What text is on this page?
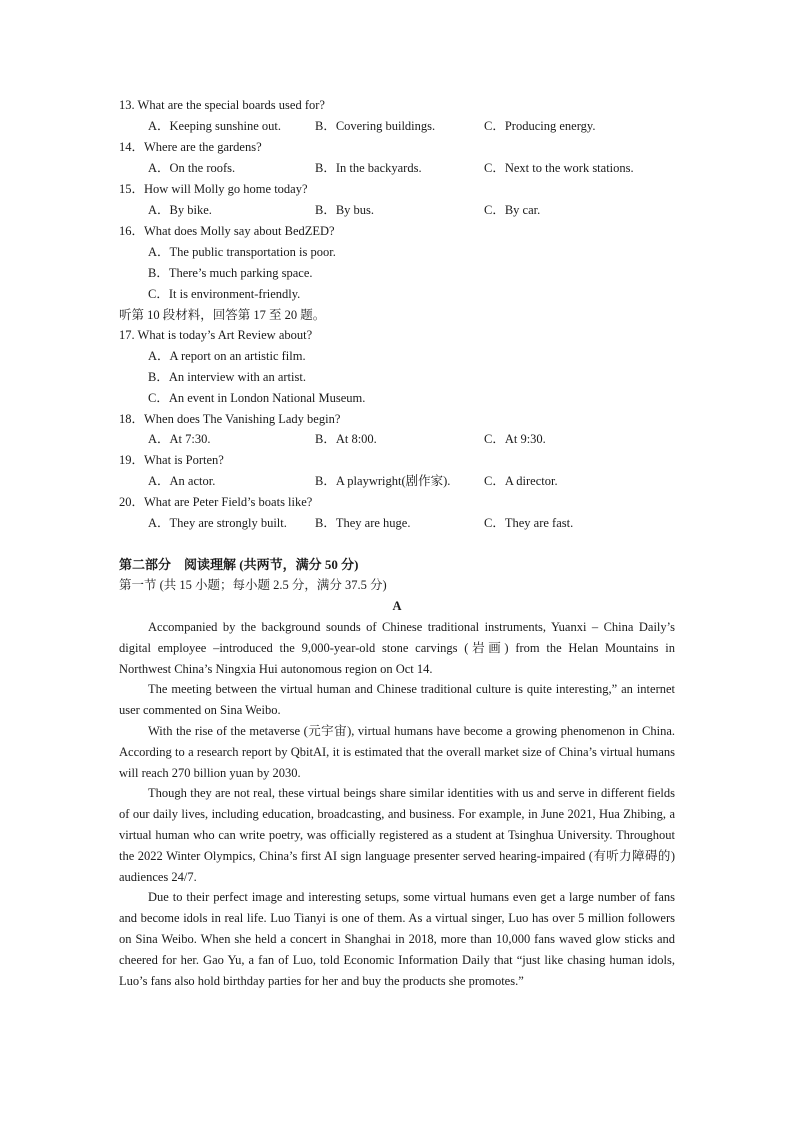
13. What are the special boards used for?
A．Keeping sunshine out.	B．Covering buildings.	C．Producing energy.
14．Where are the gardens?
A．On the roofs.	B．In the backyards.	C．Next to the work stations.
15．How will Molly go home today?
A．By bike.	B．By bus.	C．By car.
16．What does Molly say about BedZED?
A．The public transportation is poor.
B．There’s much parking space.
C．It is environment-friendly.
听第 10 段材料，回答第 17 至 20 题。
17. What is today’s Art Review about?
A．A report on an artistic film.
B．An interview with an artist.
C．An event in London National Museum.
18．When does The Vanishing Lady begin?
A．At 7:30.	B．At 8:00.	C．At 9:30.
19．What is Porten?
A．An actor.	B．A playwright(剧作家).	C．A director.
20．What are Peter Field’s boats like?
A．They are strongly built. B．They are huge.	C．They are fast.
第二部分　阅读理解 (共两节，满分 50 分)
第一节 (共 15 小题；每小题 2.5 分，满分 37.5 分)
A

Accompanied by the background sounds of Chinese traditional instruments, Yuanxi – China Daily’s digital employee –introduced the 9,000-year-old stone carvings (岩画) from the Helan Mountains in Northwest China’s Ningxia Hui autonomous region on Oct 14.

The meeting between the virtual human and Chinese traditional culture is quite interesting,” an internet user commented on Sina Weibo.

With the rise of the metaverse (元宇宙), virtual humans have become a growing phenomenon in China. According to a research report by QbitAI, it is estimated that the overall market size of China’s virtual humans will reach 270 billion yuan by 2030.

Though they are not real, these virtual beings share similar identities with us and serve in different fields of our daily lives, including education, broadcasting, and business. For example, in June 2021, Hua Zhibing, a virtual human who can write poetry, was officially registered as a student at Tsinghua University. Throughout the 2022 Winter Olympics, China’s first AI sign language presenter served hearing-impaired (有听力障碍的) audiences 24/7.

Due to their perfect image and interesting setups, some virtual humans even get a large number of fans and become idols in real life. Luo Tianyi is one of them. As a virtual singer, Luo has over 5 million followers on Sina Weibo. When she held a concert in Shanghai in 2018, more than 10,000 fans waved glow sticks and cheered for her. Gao Yu, a fan of Luo, told Economic Information Daily that “just like chasing human idols, Luo’s fans also hold birthday parties for her and buy the products she promotes.”
